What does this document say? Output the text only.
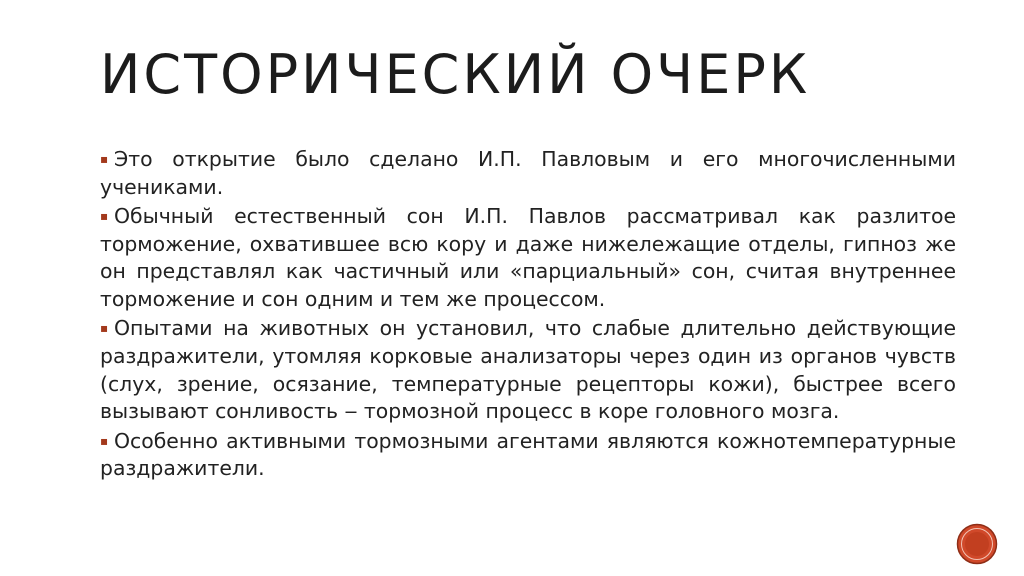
ИСТОРИЧЕСКИЙ ОЧЕРК

▪ Это открытие было сделано И.П. Павловым и его многочисленными учениками.

▪ Обычный естественный сон И.П. Павлов рассматривал как разлитое торможение, охватившее всю кору и даже нижележащие отделы, гипноз же он представлял как частичный или «парциальный» сон, считая внутреннее торможение и сон одним и тем же процессом.

▪ Опытами на животных он установил, что слабые длительно действующие раздражители, утомляя корковые анализаторы через один из органов чувств (слух, зрение, осязание, температурные рецепторы кожи), быстрее всего вызывают сонливость ‒ тормозной процесс в коре головного мозга.

▪ Особенно активными тормозными агентами являются кожнотемпературные раздражители.
